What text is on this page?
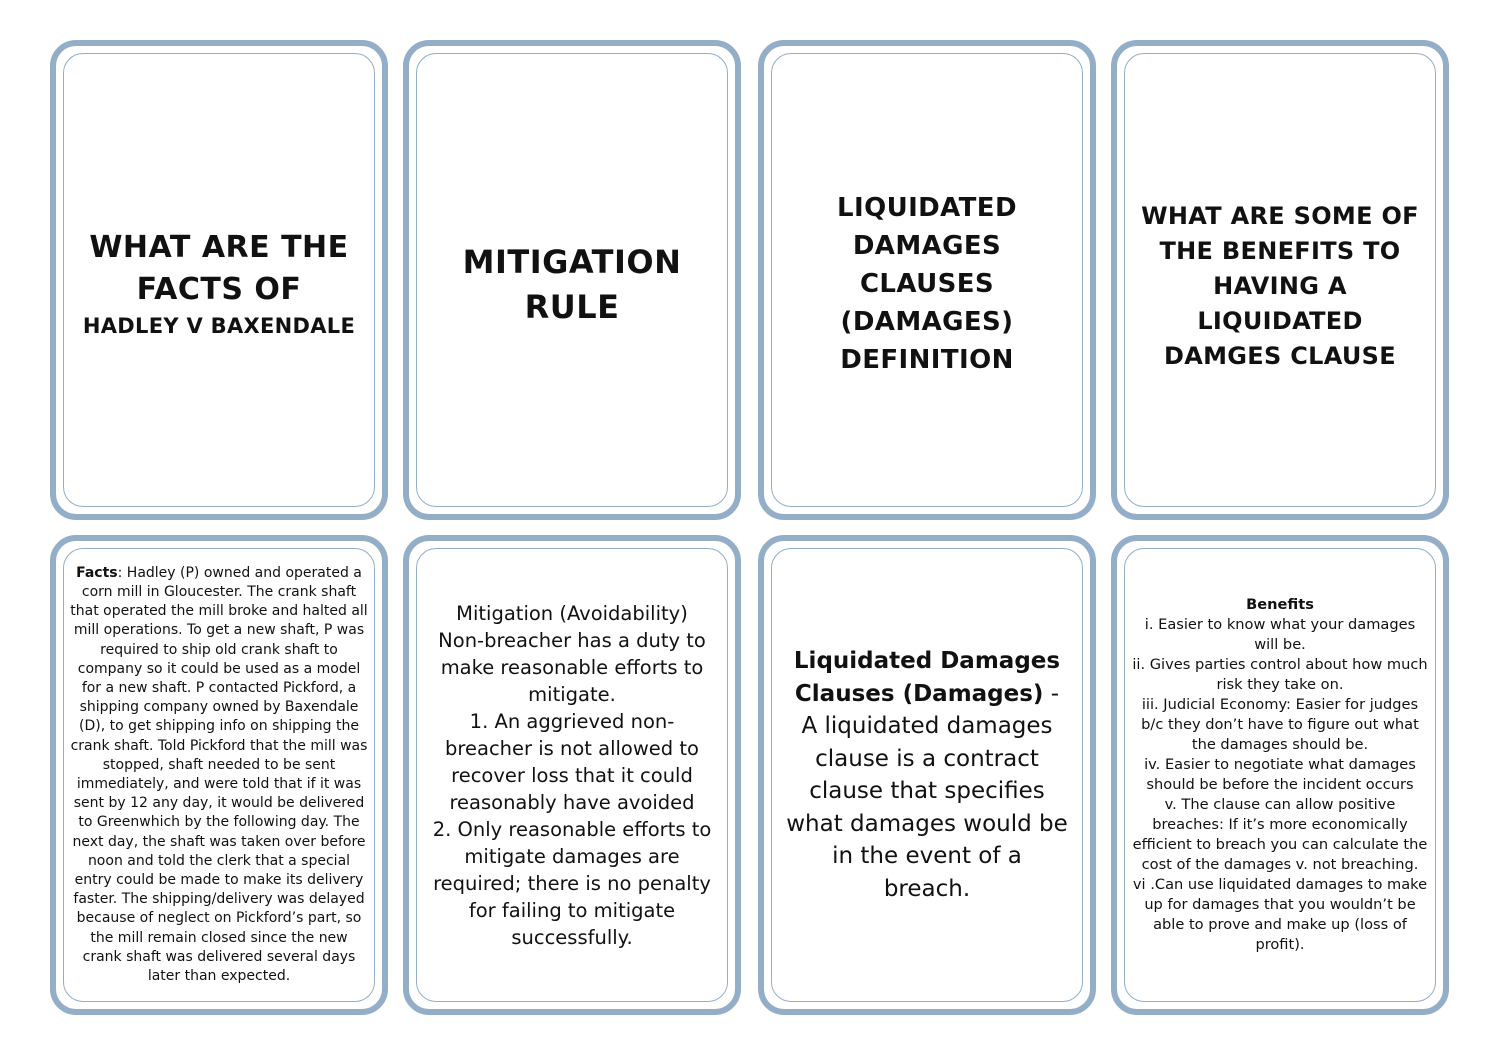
WHAT ARE THE
FACTS OF
HADLEY V BAXENDALE
MITIGATION
RULE
LIQUIDATED
DAMAGES CLAUSES
(DAMAGES)
DEFINITION
WHAT ARE SOME OF
THE BENEFITS TO
HAVING A LIQUIDATED
DAMGES CLAUSE

Facts: Hadley (P) owned and operated a corn mill in Gloucester. The crank shaft that operated the mill broke and halted all mill operations. To get a new shaft, P was required to ship old crank shaft to company so it could be used as a model for a new shaft. P contacted Pickford, a shipping company owned by Baxendale (D), to get shipping info on shipping the crank shaft. Told Pickford that the mill was stopped, shaft needed to be sent immediately, and were told that if it was sent by 12 any day, it would be delivered to Greenwhich by the following day. The next day, the shaft was taken over before noon and told the clerk that a special entry could be made to make its delivery faster. The shipping/delivery was delayed because of neglect on Pickford’s part, so the mill remain closed since the new crank shaft was delivered several days later than expected.

Mitigation (Avoidability)

Non-breacher has a duty to make reasonable efforts to mitigate.

1. An aggrieved non-breacher is not allowed to recover loss that it could reasonably have avoided

2. Only reasonable efforts to mitigate damages are required; there is no penalty for failing to mitigate successfully.

Liquidated Damages Clauses (Damages) - A liquidated damages clause is a contract clause that specifies what damages would be in the event of a breach.

Benefits

i. Easier to know what your damages will be.

ii. Gives parties control about how much risk they take on.

iii. Judicial Economy: Easier for judges b/c they don’t have to figure out what the damages should be.

iv. Easier to negotiate what damages should be before the incident occurs

v. The clause can allow positive breaches: If it’s more economically efficient to breach you can calculate the cost of the damages v. not breaching.

vi .Can use liquidated damages to make up for damages that you wouldn’t be able to prove and make up (loss of profit).
